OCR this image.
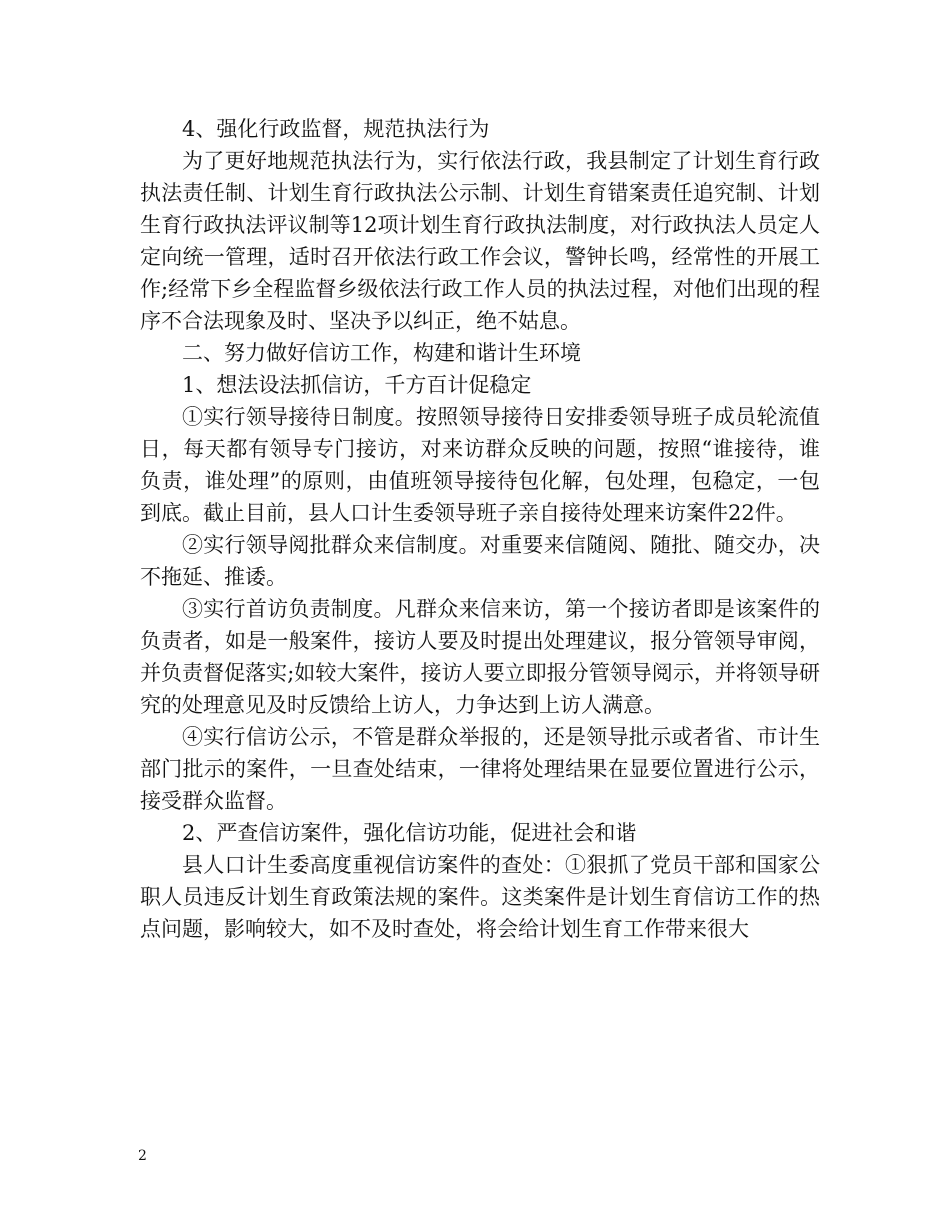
4、强化行政监督，规范执法行为

为了更好地规范执法行为，实行依法行政，我县制定了计划生育行政执法责任制、计划生育行政执法公示制、计划生育错案责任追究制、计划生育行政执法评议制等12项计划生育行政执法制度，对行政执法人员定人定向统一管理，适时召开依法行政工作会议，警钟长鸣，经常性的开展工作;经常下乡全程监督乡级依法行政工作人员的执法过程，对他们出现的程序不合法现象及时、坚决予以纠正，绝不姑息。

二、努力做好信访工作，构建和谐计生环境

1、想法设法抓信访，千方百计促稳定

①实行领导接待日制度。按照领导接待日安排委领导班子成员轮流值日，每天都有领导专门接访，对来访群众反映的问题，按照“谁接待，谁负责，谁处理”的原则，由值班领导接待包化解，包处理，包稳定，一包到底。截止目前，县人口计生委领导班子亲自接待处理来访案件22件。

②实行领导阅批群众来信制度。对重要来信随阅、随批、随交办，决不拖延、推诿。

③实行首访负责制度。凡群众来信来访，第一个接访者即是该案件的负责者，如是一般案件，接访人要及时提出处理建议，报分管领导审阅，并负责督促落实;如较大案件，接访人要立即报分管领导阅示，并将领导研究的处理意见及时反馈给上访人，力争达到上访人满意。

④实行信访公示，不管是群众举报的，还是领导批示或者省、市计生部门批示的案件，一旦查处结束，一律将处理结果在显要位置进行公示，接受群众监督。

2、严查信访案件，强化信访功能，促进社会和谐

县人口计生委高度重视信访案件的查处：①狠抓了党员干部和国家公职人员违反计划生育政策法规的案件。这类案件是计划生育信访工作的热点问题，影响较大，如不及时查处，将会给计划生育工作带来很大

2
